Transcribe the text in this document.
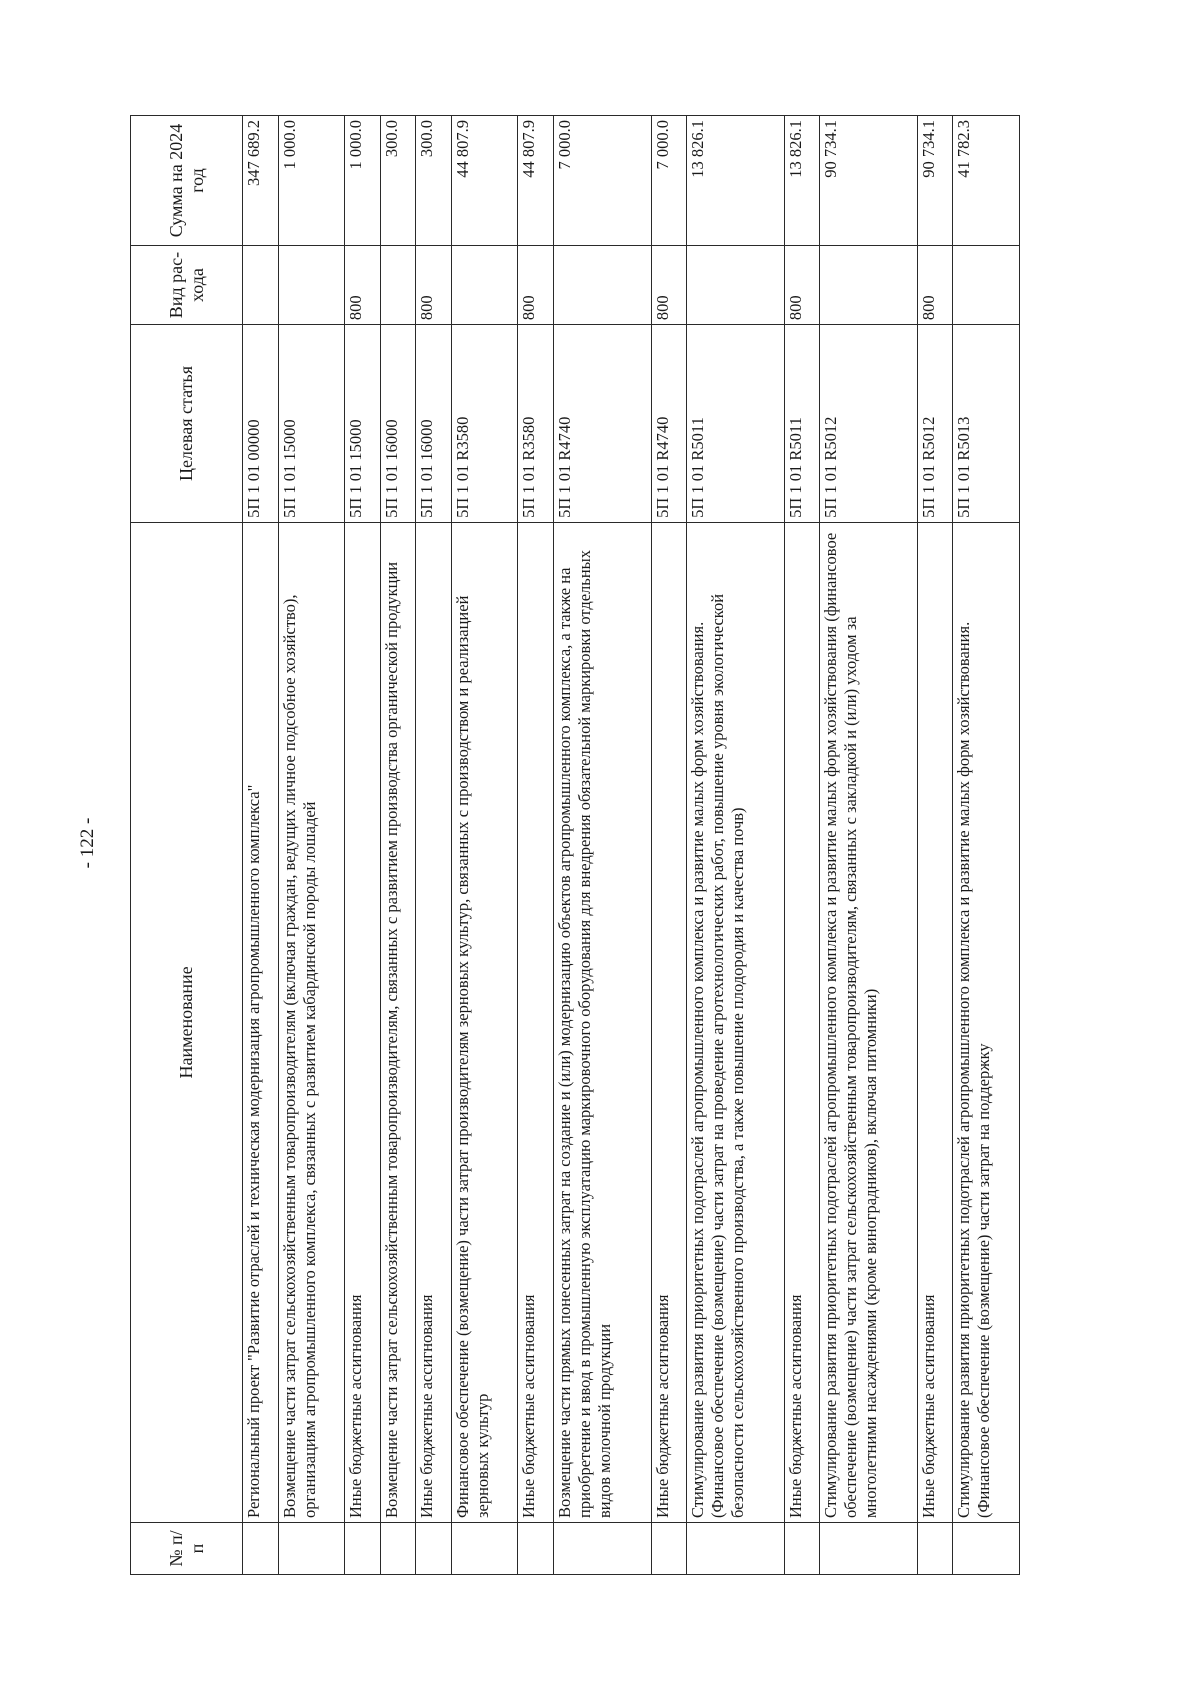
- 122 -
№ п/п	Наименование	Целевая статья	Вид рас-хода	Сумма на 2024 год
	Региональный проект "Развитие отраслей и техническая модернизация агропромышленного комплекса"	5П 1 01 00000		347 689.2
	Возмещение части затрат сельскохозяйственным товаропроизводителям (включая граждан, ведущих личное подсобное хозяйство), организациям агропромышленного комплекса, связанных с развитием кабардинской породы лошадей	5П 1 01 15000		1 000.0
	Иные бюджетные ассигнования	5П 1 01 15000	800	1 000.0
	Возмещение части затрат сельскохозяйственным товаропроизводителям, связанных с развитием производства органической продукции	5П 1 01 16000		300.0
	Иные бюджетные ассигнования	5П 1 01 16000	800	300.0
	Финансовое обеспечение (возмещение) части затрат производителям зерновых культур, связанных с производством и реализацией зерновых культур	5П 1 01 R3580		44 807.9
	Иные бюджетные ассигнования	5П 1 01 R3580	800	44 807.9
	Возмещение части прямых понесенных затрат на создание и (или) модернизацию объектов агропромышленного комплекса, а также на приобретение и ввод в промышленную эксплуатацию маркировочного оборудования для внедрения обязательной маркировки отдельных видов молочной продукции	5П 1 01 R4740		7 000.0
	Иные бюджетные ассигнования	5П 1 01 R4740	800	7 000.0
	Стимулирование развития приоритетных подотраслей агропромышленного комплекса и развитие малых форм хозяйствования. (Финансовое обеспечение (возмещение) части затрат на проведение агротехнологических работ, повышение уровня экологической безопасности сельскохозяйственного производства, а также повышение плодородия и качества почв)	5П 1 01 R5011		13 826.1
	Иные бюджетные ассигнования	5П 1 01 R5011	800	13 826.1
	Стимулирование развития приоритетных подотраслей агропромышленного комплекса и развитие малых форм хозяйствования (финансовое обеспечение (возмещение) части затрат сельскохозяйственным товаропроизводителям, связанных с закладкой и (или) уходом за многолетними насаждениями (кроме виноградников), включая питомники)	5П 1 01 R5012		90 734.1
	Иные бюджетные ассигнования	5П 1 01 R5012	800	90 734.1
	Стимулирование развития приоритетных подотраслей агропромышленного комплекса и развитие малых форм хозяйствования. (Финансовое обеспечение (возмещение) части затрат на поддержку	5П 1 01 R5013		41 782.3
